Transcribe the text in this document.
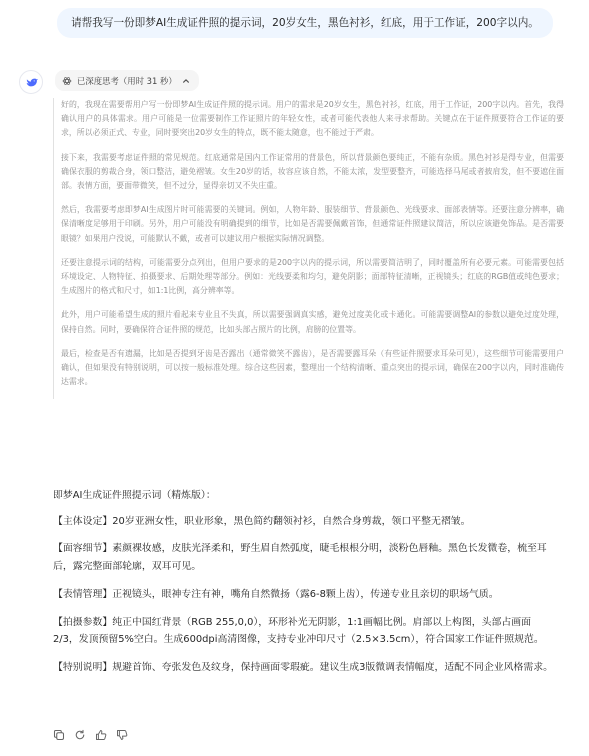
请帮我写一份即梦AI生成证件照的提示词，20岁女生，黑色衬衫，红底，用于工作证，200字以内。
已深度思考（用时 31 秒）

好的，我现在需要帮用户写一份即梦AI生成证件照的提示词。用户的需求是20岁女生，黑色衬衫，红底，用于工作证，200字以内。首先，我得确认用户的具体需求。用户可能是一位需要制作工作证照片的年轻女性，或者可能代表他人来寻求帮助。关键点在于证件照要符合工作证的要求，所以必须正式、专业，同时要突出20岁女生的特点，既不能太随意，也不能过于严肃。

接下来，我需要考虑证件照的常见规范。红底通常是国内工作证常用的背景色，所以背景颜色要纯正，不能有杂质。黑色衬衫是得专业，但需要确保衣服的剪裁合身，领口整洁，避免褶皱。女生20岁的话，妆容应该自然，不能太浓，发型要整齐，可能选择马尾或者披肩发，但不要遮住面部。表情方面，要面带微笑，但不过分，显得亲切又不失庄重。

然后，我需要考虑即梦AI生成图片时可能需要的关键词。例如，人物年龄、服装细节、背景颜色、光线要求、面部表情等。还要注意分辨率，确保清晰度足够用于印刷。另外，用户可能没有明确提到的细节，比如是否需要佩戴首饰，但通常证件照建议简洁，所以应该避免饰品。是否需要眼镜？如果用户没说，可能默认不戴，或者可以建议用户根据实际情况调整。

还要注意提示词的结构，可能需要分点列出，但用户要求的是200字以内的提示词，所以需要简洁明了，同时覆盖所有必要元素。可能需要包括环境设定、人物特征、拍摄要求、后期处理等部分。例如：光线要柔和均匀，避免阴影；面部特征清晰，正视镜头；红底的RGB值或纯色要求；生成图片的格式和尺寸，如1:1比例，高分辨率等。

此外，用户可能希望生成的照片看起来专业且不失真，所以需要强调真实感，避免过度美化或卡通化。可能需要调整AI的参数以避免过度处理，保持自然。同时，要确保符合证件照的规范，比如头部占照片的比例，肩膀的位置等。

最后，检查是否有遗漏，比如是否提到牙齿是否露出（通常微笑不露齿），是否需要露耳朵（有些证件照要求耳朵可见），这些细节可能需要用户确认，但如果没有特别说明，可以按一般标准处理。综合这些因素，整理出一个结构清晰、重点突出的提示词，确保在200字以内，同时准确传达需求。

即梦AI生成证件照提示词（精炼版）：

【主体设定】20岁亚洲女性，职业形象，黑色简约翻领衬衫，自然合身剪裁，领口平整无褶皱。

【面容细节】素颜裸妆感，皮肤光泽柔和，野生眉自然弧度，睫毛根根分明，淡粉色唇釉。黑色长发微卷，梳至耳后，露完整面部轮廓，双耳可见。

【表情管理】正视镜头，眼神专注有神，嘴角自然微扬（露6-8颗上齿），传递专业且亲切的职场气质。

【拍摄参数】纯正中国红背景（RGB 255,0,0），环形补光无阴影，1:1画幅比例。肩部以上构图，头部占画面2/3，发顶预留5%空白。生成600dpi高清图像，支持专业冲印尺寸（2.5×3.5cm），符合国家工作证件照规范。

【特别说明】规避首饰、夸张发色及纹身，保持画面零瑕疵。建议生成3版微调表情幅度，适配不同企业风格需求。
